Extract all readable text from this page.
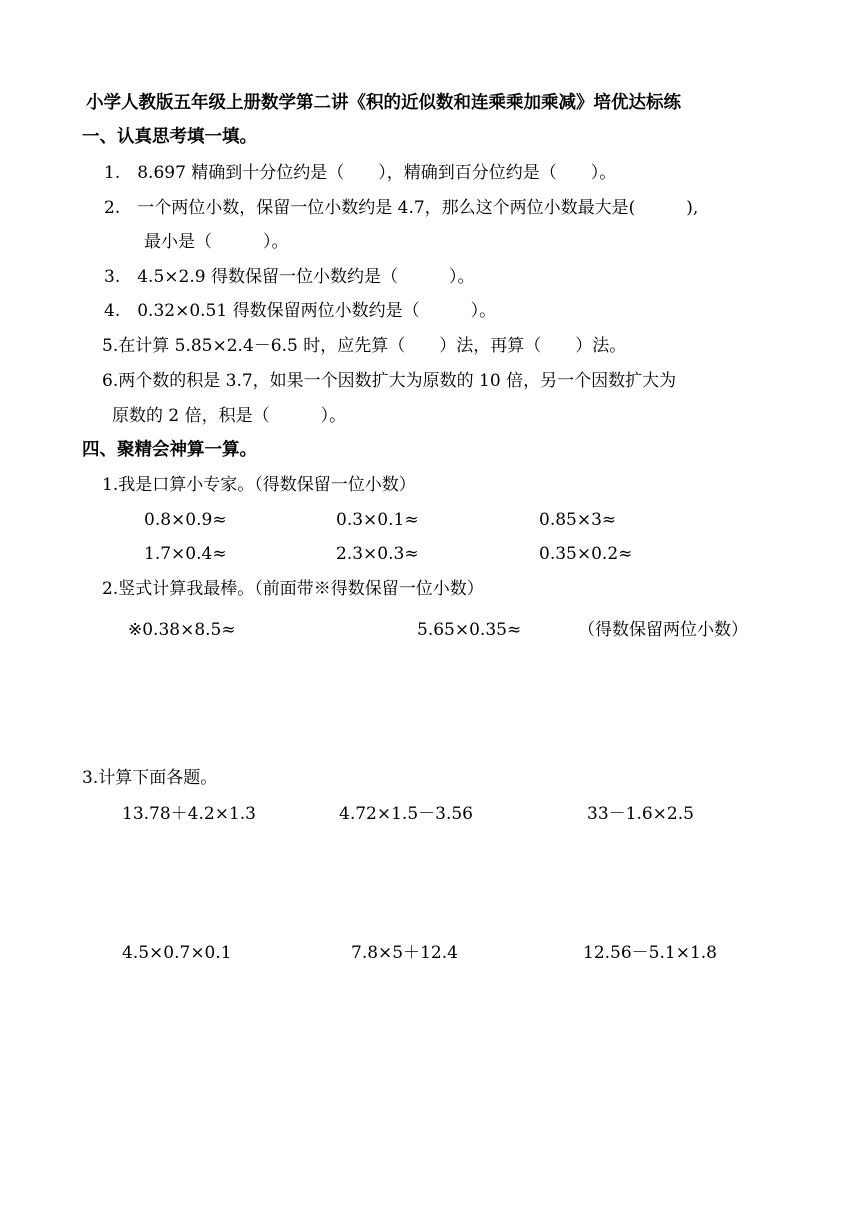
小学人教版五年级上册数学第二讲《积的近似数和连乘乘加乘减》培优达标练
一、认真思考填一填。
1.　8.697 精确到十分位约是（　　），精确到百分位约是（　　）。
2.　一个两位小数，保留一位小数约是 4.7，那么这个两位小数最大是(　　　),
最小是（　　　）。
3.　4.5×2.9 得数保留一位小数约是（　　　）。
4.　0.32×0.51 得数保留两位小数约是（　　　）。
5.在计算 5.85×2.4－6.5 时，应先算（　　）法，再算（　　）法。
6.两个数的积是 3.7，如果一个因数扩大为原数的 10 倍，另一个因数扩大为
原数的 2 倍，积是（　　　）。
四、聚精会神算一算。
1.我是口算小专家。（得数保留一位小数）
0.8×0.9≈	0.3×0.1≈	0.85×3≈
1.7×0.4≈	2.3×0.3≈	0.35×0.2≈
2.竖式计算我最棒。（前面带※得数保留一位小数）
※0.38×8.5≈	5.65×0.35≈	（得数保留两位小数）
3.计算下面各题。
13.78＋4.2×1.3	4.72×1.5－3.56	33－1.6×2.5
4.5×0.7×0.1	7.8×5＋12.4	12.56－5.1×1.8
